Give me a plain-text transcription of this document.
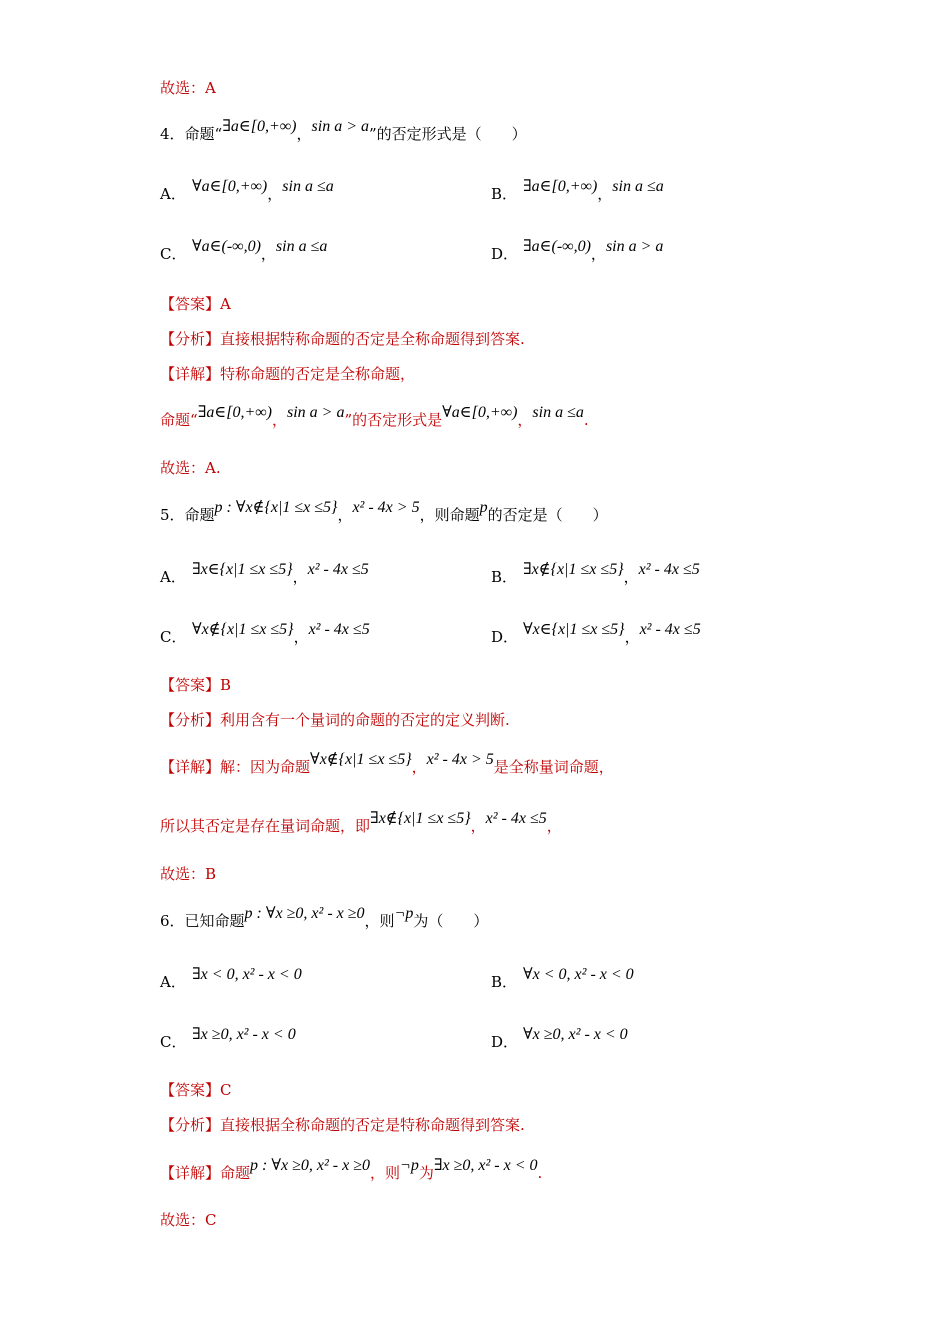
故选：A
4．命题“∃a∈[0,+∞)，sin a > a”的否定形式是（　　）
A． ∀a∈[0,+∞)，sin a ≤a	B． ∃a∈[0,+∞)，sin a ≤a
C． ∀a∈(-∞,0)，sin a ≤a	D． ∃a∈(-∞,0)，sin a > a
【答案】A
【分析】直接根据特称命题的否定是全称命题得到答案.
【详解】特称命题的否定是全称命题，
命题“∃a∈[0,+∞)，sin a > a”的否定形式是∀a∈[0,+∞)，sin a ≤a.
故选：A.
5．命题p : ∀x∉{x|1 ≤x ≤5}，x² - 4x > 5，则命题p的否定是（　　）
A． ∃x∈{x|1 ≤x ≤5}，x² - 4x ≤5	B． ∃x∉{x|1 ≤x ≤5}，x² - 4x ≤5
C． ∀x∉{x|1 ≤x ≤5}，x² - 4x ≤5	D． ∀x∈{x|1 ≤x ≤5}，x² - 4x ≤5
【答案】B
【分析】利用含有一个量词的命题的否定的定义判断.
【详解】解：因为命题∀x∉{x|1 ≤x ≤5}，x² - 4x > 5是全称量词命题，
所以其否定是存在量词命题，即∃x∉{x|1 ≤x ≤5}，x² - 4x ≤5，
故选：B
6．已知命题p : ∀x ≥0, x² - x ≥0，则¬p为（　　）
A． ∃x < 0, x² - x < 0	B． ∀x < 0, x² - x < 0
C． ∃x ≥0, x² - x < 0	D． ∀x ≥0, x² - x < 0
【答案】C
【分析】直接根据全称命题的否定是特称命题得到答案.
【详解】命题p : ∀x ≥0, x² - x ≥0，则¬p为∃x ≥0, x² - x < 0.
故选：C
